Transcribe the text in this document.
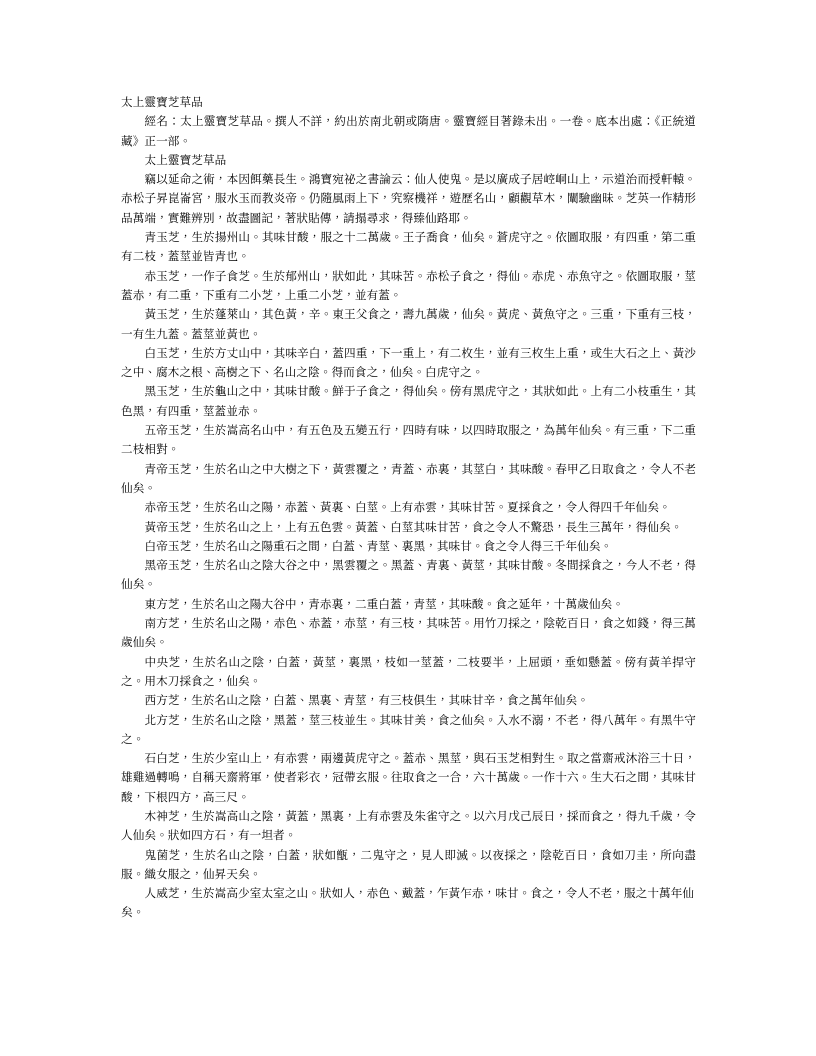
太上靈寶芝草品

經名：太上靈寶芝草品。撰人不詳，約出於南北朝或隋唐。靈寶經目著錄未出。一卷。底本出處：《正統道藏》正一部。

太上靈寶芝草品

竊以延命之術，本因餌藥長生。鴻寶宛祕之書論云：仙人使鬼。是以廣成子居崆峒山上，示道治而授軒轅。赤松子昇崑崙宮，服水玉而教炎帝。仍隨風雨上下，究察機祥，遊歷名山，顧觀草木，闡驗幽昧。芝英一作精形品萬端，實難辨別，故盡圖記，著狀貼傳，請搨尋求，得臻仙路耶。

青玉芝，生於揚州山。其味甘酸，服之十二萬歲。王子喬食，仙矣。蒼虎守之。依圖取服，有四重，第二重有二枝，蓋莖並皆青也。

赤玉芝，一作子食芝。生於郁州山，狀如此，其味苦。赤松子食之，得仙。赤虎、赤魚守之。依圖取服，莖蓋赤，有二重，下重有二小芝，上重二小芝，並有蓋。

黃玉芝，生於蓬萊山，其色黃，辛。東王父食之，壽九萬歲，仙矣。黃虎、黃魚守之。三重，下重有三枝，一有生九蓋。蓋莖並黃也。

白玉芝，生於方丈山中，其味辛白，蓋四重，下一重上，有二枚生，並有三枚生上重，或生大石之上、黃沙之中、腐木之根、高樹之下、名山之陰。得而食之，仙矣。白虎守之。

黑玉芝，生於龜山之中，其味甘酸。鮮于子食之，得仙矣。傍有黑虎守之，其狀如此。上有二小枝重生，其色黑，有四重，莖蓋並赤。

五帝玉芝，生於嵩高名山中，有五色及五變五行，四時有味，以四時取服之，為萬年仙矣。有三重，下二重二枝相對。

青帝玉芝，生於名山之中大樹之下，黃雲覆之，青蓋、赤裏，其莖白，其味酸。春甲乙日取食之，令人不老仙矣。

赤帝玉芝，生於名山之陽，赤蓋、黃裏、白莖。上有赤雲，其味甘苦。夏採食之，令人得四千年仙矣。

黃帝玉芝，生於名山之上，上有五色雲。黃蓋、白莖其味甘苦，食之令人不驚恐，長生三萬年，得仙矣。

白帝玉芝，生於名山之陽重石之間，白蓋、青莖、裏黑，其味甘。食之令人得三千年仙矣。

黑帝玉芝，生於名山之陰大谷之中，黑雲覆之。黑蓋、青裏、黃莖，其味甘酸。冬間採食之，今人不老，得仙矣。

東方芝，生於名山之陽大谷中，青赤裏，二重白蓋，青莖，其味酸。食之延年，十萬歲仙矣。

南方芝，生於名山之陽，赤色、赤蓋，赤莖，有三枝，其味苦。用竹刀採之，陰乾百日，食之如錢，得三萬歲仙矣。

中央芝，生於名山之陰，白蓋，黃莖，裏黑，枝如一莖蓋，二枝要半，上屈頭，垂如懸蓋。傍有黃羊捍守之。用木刀採食之，仙矣。

西方芝，生於名山之陰，白蓋、黑裏、青莖，有三枝俱生，其味甘辛，食之萬年仙矣。

北方芝，生於名山之陰，黑蓋，莖三枝並生。其味甘美，食之仙矣。入水不溺，不老，得八萬年。有黑牛守之。

石白芝，生於少室山上，有赤雲，兩邊黃虎守之。蓋赤、黑莖，與石玉芝相對生。取之當齋戒沐浴三十日，雄雞過轉鳴，自稱天齋將軍，使者彩衣，冠帶玄服。往取食之一合，六十萬歲。一作十六。生大石之間，其味甘酸，下根四方，高三尺。

木神芝，生於嵩高山之陰，黃蓋，黑裏，上有赤雲及朱雀守之。以六月戊己辰日，採而食之，得九千歲，令人仙矣。狀如四方石，有一坦者。

鬼菌芝，生於名山之陰，白蓋，狀如甑，二鬼守之，見人即滅。以夜採之，陰乾百日，食如刀圭，所向盡服。織女服之，仙昇天矣。

人威芝，生於嵩高少室太室之山。狀如人，赤色、戴蓋，乍黃乍赤，味甘。食之，令人不老，服之十萬年仙矣。
